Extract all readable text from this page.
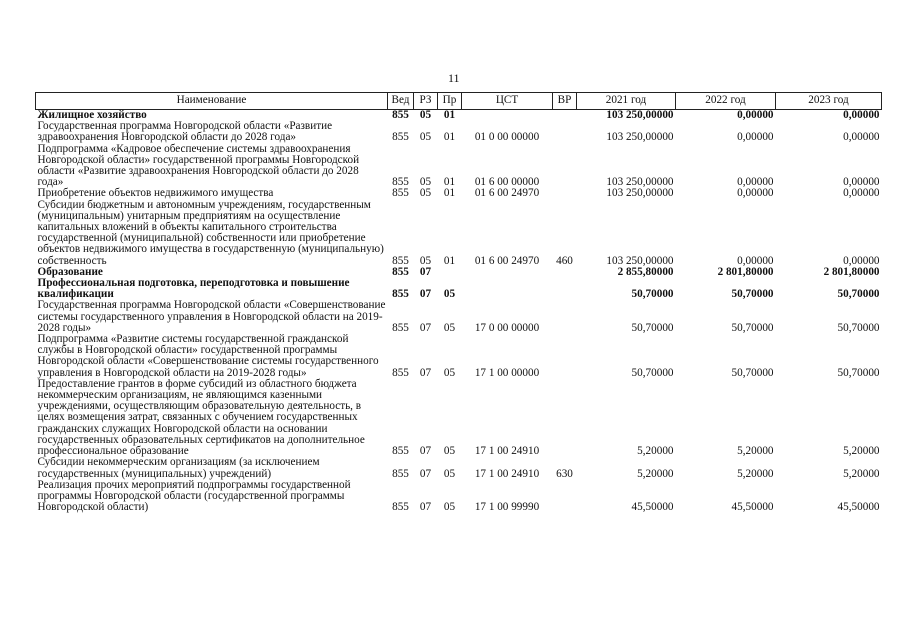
11
Наименование	Вед	РЗ	Пр	ЦСТ	ВР	2021 год	2022 год	2023 год
Жилищное хозяйство	855	05	01			103 250,00000	0,00000	0,00000
Государственная программа Новгородской области «Развитие здравоохранения Новгородской области до 2028 года»	855	05	01	01 0 00 00000		103 250,00000	0,00000	0,00000
Подпрограмма «Кадровое обеспечение системы здравоохранения Новгородской области» государственной программы Новгородской области «Развитие здравоохранения Новгородской области до 2028 года»	855	05	01	01 6 00 00000		103 250,00000	0,00000	0,00000
Приобретение объектов недвижимого имущества	855	05	01	01 6 00 24970		103 250,00000	0,00000	0,00000
Субсидии бюджетным и автономным учреждениям, государственным (муниципальным) унитарным предприятиям на осуществление капитальных вложений в объекты капитального строительства государственной (муниципальной) собственности или приобретение объектов недвижимого имущества в государственную (муниципальную) собственность	855	05	01	01 6 00 24970	460	103 250,00000	0,00000	0,00000
Образование	855	07				2 855,80000	2 801,80000	2 801,80000
Профессиональная подготовка, переподготовка и повышение квалификации	855	07	05			50,70000	50,70000	50,70000
Государственная программа Новгородской области «Совершенствование системы государственного управления в Новгородской области на 2019-2028 годы»	855	07	05	17 0 00 00000		50,70000	50,70000	50,70000
Подпрограмма «Развитие системы государственной гражданской службы в Новгородской области» государственной программы Новгородской области «Совершенствование системы государственного управления в Новгородской области на 2019-2028 годы»	855	07	05	17 1 00 00000		50,70000	50,70000	50,70000
Предоставление грантов в форме субсидий из областного бюджета некоммерческим организациям, не являющимся казенными учреждениями, осуществляющим образовательную деятельность, в целях возмещения затрат, связанных с обучением государственных гражданских служащих Новгородской области на основании государственных образовательных сертификатов на дополнительное профессиональное образование	855	07	05	17 1 00 24910		5,20000	5,20000	5,20000
Субсидии некоммерческим организациям (за исключением государственных (муниципальных) учреждений)	855	07	05	17 1 00 24910	630	5,20000	5,20000	5,20000
Реализация прочих мероприятий подпрограммы государственной программы Новгородской области (государственной программы Новгородской области)	855	07	05	17 1 00 99990		45,50000	45,50000	45,50000
